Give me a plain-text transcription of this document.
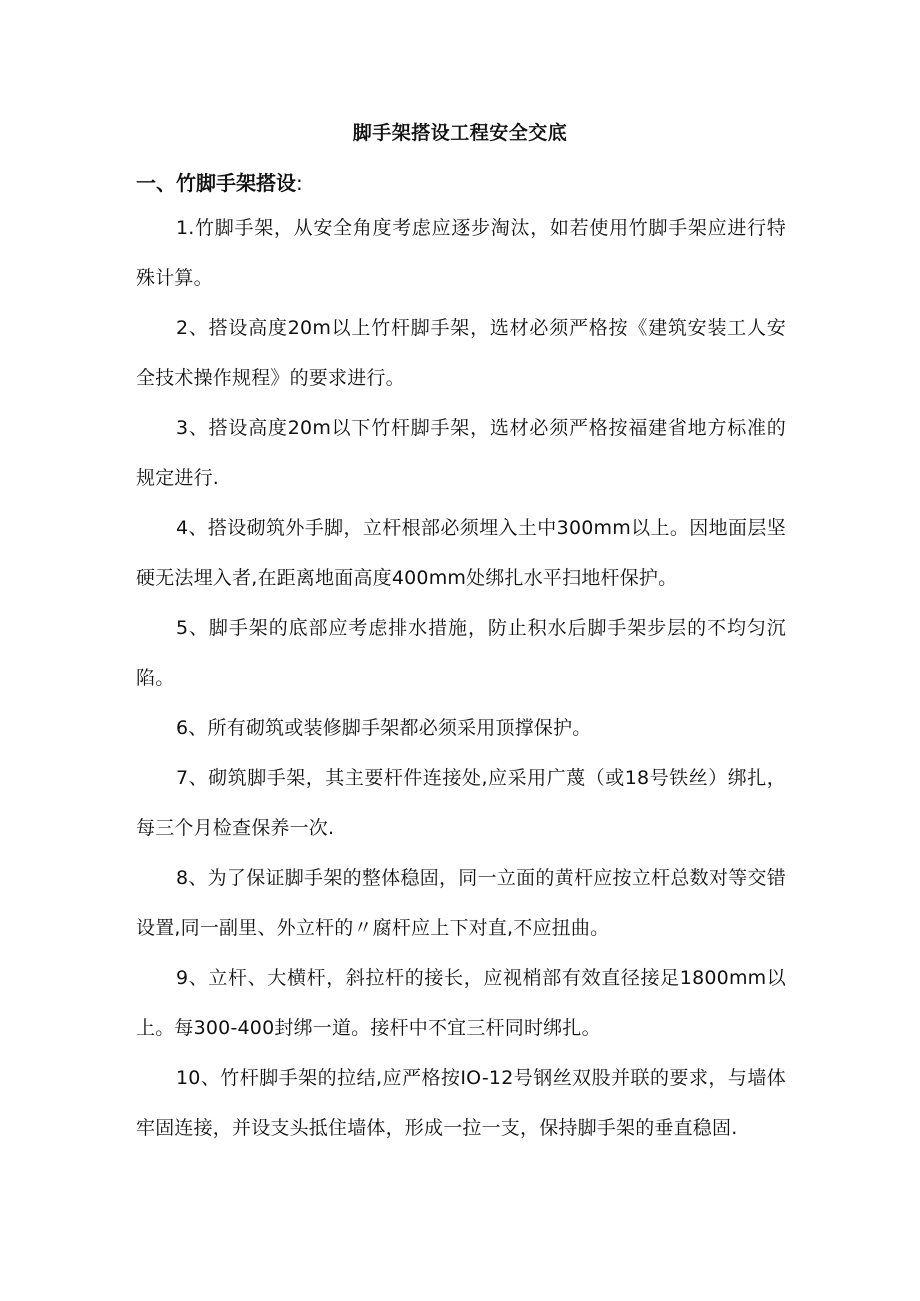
脚手架搭设工程安全交底
一、竹脚手架搭设:

1.竹脚手架，从安全角度考虑应逐步淘汰，如若使用竹脚手架应进行特殊计算。

2、搭设高度20m以上竹杆脚手架，选材必须严格按《建筑安装工人安全技术操作规程》的要求进行。

3、搭设高度20m以下竹杆脚手架，选材必须严格按福建省地方标准的规定进行.

4、搭设砌筑外手脚，立杆根部必须埋入土中300mm以上。因地面层坚硬无法埋入者,在距离地面高度400mm处绑扎水平扫地杆保护。

5、脚手架的底部应考虑排水措施，防止积水后脚手架步层的不均匀沉陷。

6、所有砌筑或装修脚手架都必须采用顶撑保护。

7、砌筑脚手架，其主要杆件连接处,应采用广蔑（或18号铁丝）绑扎，每三个月检查保养一次.

8、为了保证脚手架的整体稳固，同一立面的黄杆应按立杆总数对等交错设置,同一副里、外立杆的〃腐杆应上下对直,不应扭曲。

9、立杆、大横杆，斜拉杆的接长，应视梢部有效直径接足1800mm以上。每300-400封绑一道。接杆中不宜三杆同时绑扎。

10、竹杆脚手架的拉结,应严格按IO-12号钢丝双股并联的要求，与墙体牢固连接，并设支头抵住墙体，形成一拉一支，保持脚手架的垂直稳固.
